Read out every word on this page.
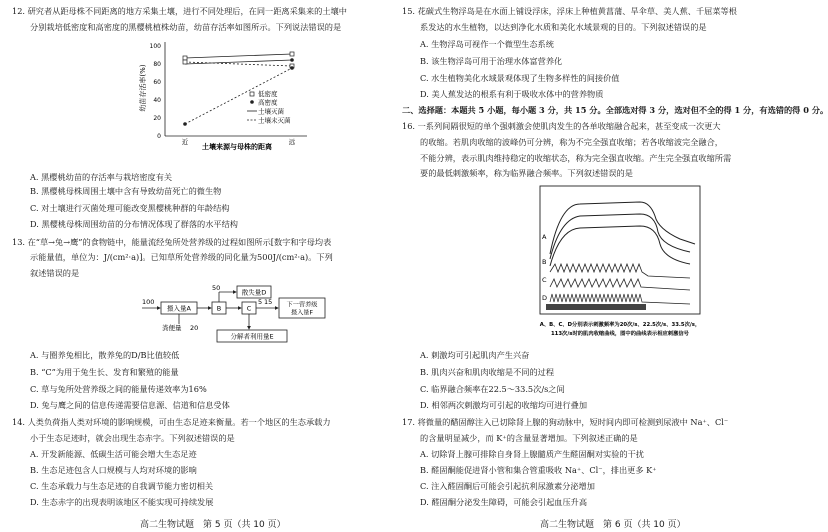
12. 研究者从距母株不同距离的地方采集土壤，进行不同处理后，在同一距离采集来的土壤中
分别栽培低密度和高密度的黑樱桃植株幼苗，幼苗存活率如图所示。下列说法错误的是
幼苗存活率(%)
0
20
40
60
80
100
低密度
高密度
土壤灭菌
土壤未灭菌
近	远
土壤来源与母株的距离
A. 黑樱桃幼苗的存活率与栽培密度有关
B. 黑樱桃母株周围土壤中含有导致幼苗死亡的微生物
C. 对土壤进行灭菌处理可能改变黑樱桃种群的年龄结构
D. 黑樱桃母株周围幼苗的分布情况体现了群落的水平结构
13. 在“草→兔→鹰”的食物链中，能量流经兔所处营养级的过程如图所示[数字和字母均表
示能量值，单位为：J/(cm²·a)]。已知草所处营养级的同化量为500J/(cm²·a)。下列
叙述错误的是
100
摄入量A	B
50
散失量D
C
5 15 下一营养级
摄入量F
粪便量 20
分解者利用量E
A. 与圈养兔相比，散养兔的D/B比值较低
B. “C”为用于兔生长、发育和繁殖的能量
C. 草与兔所处营养级之间的能量传递效率为16%
D. 兔与鹰之间的信息传递需要信息源、信道和信息受体
14. 人类负荷指人类对环境的影响规模，可由生态足迹来衡量。若一个地区的生态承载力
小于生态足迹时，就会出现生态赤字。下列叙述错误的是
A. 开发新能源、低碳生活可能会增大生态足迹
B. 生态足迹包含人口规模与人均对环境的影响
C. 生态承载力与生态足迹的自我调节能力密切相关
D. 生态赤字的出现表明该地区不能实现可持续发展
高二生物试题　第 5 页（共 10 页）
15. 花碳式生物浮岛是在水面上铺设浮床，浮床上种植黄菖蒲、旱伞草、美人蕉、千屈菜等根
系发达的水生植物，以达到净化水质和美化水域景观的目的。下列叙述错误的是
A. 生物浮岛可视作一个微型生态系统
B. 该生物浮岛可用于治理水体富营养化
C. 水生植物美化水域景观体现了生物多样性的间接价值
D. 美人蕉发达的根系有利于吸收水体中的营养物质
二、选择题：本题共 5 小题，每小题 3 分，共 15 分。全部选对得 3 分，选对但不全的得 1 分，有选错的得 0 分。
16. 一系列间隔很短的单个强刺激会使肌肉发生的各单收缩融合起来，甚至变成一次更大
的收缩。若肌肉收缩的波峰仍可分辨，称为不完全强直收缩；若各收缩波完全融合，
不能分辨，表示肌肉维持稳定的收缩状态，称为完全强直收缩。产生完全强直收缩所需
要的最低刺激频率，称为临界融合频率。下列叙述错误的是
A
B
C
D
A、B、C、D分别表示刺激频率为20次/s、22.5次/s、33.5次/s，
113次/s时的肌肉收缩曲线，图中的曲线表示相应刺激信号
A. 刺激均可引起肌肉产生兴奋
B. 肌肉兴奋和肌肉收缩是不同的过程
C. 临界融合频率在22.5～33.5次/s之间
D. 相邻两次刺激均可引起的收缩均可进行叠加
17. 将微量的醋固醇注入已切除肾上腺的狗动脉中，短时间内即可检测到尿液中 Na⁺、Cl⁻
的含量明显减少，而 K⁺的含量显著增加。下列叙述正确的是
A. 切除肾上腺可排除自身肾上腺髓质产生醛固酮对实验的干扰
B. 醛固酮能促进肾小管和集合管重吸收 Na⁺、Cl⁻，排出更多 K⁺
C. 注入醛固酮后可能会引起抗利尿激素分泌增加
D. 醛固酮分泌发生障碍，可能会引起血压升高
高二生物试题　第 6 页（共 10 页）
